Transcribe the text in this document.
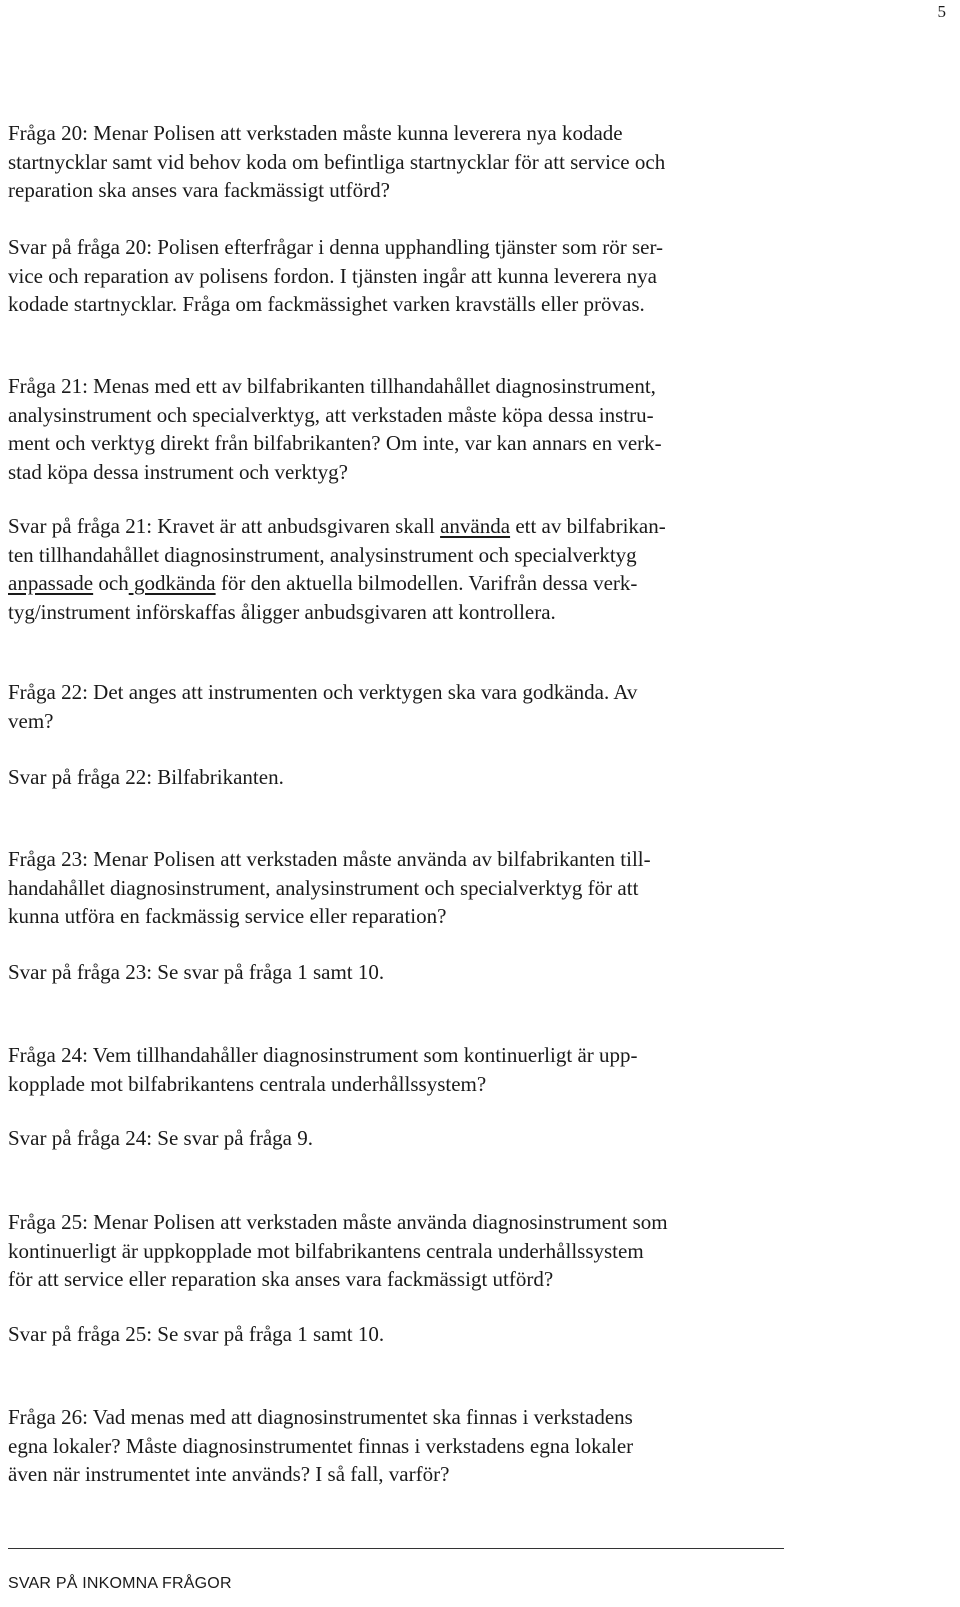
5

Fråga 20: Menar Polisen att verkstaden måste kunna leverera nya kodade
startnycklar samt vid behov koda om befintliga startnycklar för att service och
reparation ska anses vara fackmässigt utförd?

Svar på fråga 20: Polisen efterfrågar i denna upphandling tjänster som rör ser-
vice och reparation av polisens fordon. I tjänsten ingår att kunna leverera nya
kodade startnycklar. Fråga om fackmässighet varken kravställs eller prövas.

Fråga 21: Menas med ett av bilfabrikanten tillhandahållet diagnosinstrument,
analysinstrument och specialverktyg, att verkstaden måste köpa dessa instru-
ment och verktyg direkt från bilfabrikanten? Om inte, var kan annars en verk-
stad köpa dessa instrument och verktyg?

Svar på fråga 21: Kravet är att anbudsgivaren skall använda ett av bilfabrikan-
ten tillhandahållet diagnosinstrument, analysinstrument och specialverktyg
anpassade och godkända för den aktuella bilmodellen. Varifrån dessa verk-
tyg/instrument införskaffas åligger anbudsgivaren att kontrollera.

Fråga 22: Det anges att instrumenten och verktygen ska vara godkända. Av
vem?

Svar på fråga 22: Bilfabrikanten.

Fråga 23: Menar Polisen att verkstaden måste använda av bilfabrikanten till-
handahållet diagnosinstrument, analysinstrument och specialverktyg för att
kunna utföra en fackmässig service eller reparation?

Svar på fråga 23: Se svar på fråga 1 samt 10.

Fråga 24: Vem tillhandahåller diagnosinstrument som kontinuerligt är upp-
kopplade mot bilfabrikantens centrala underhållssystem?

Svar på fråga 24: Se svar på fråga 9.

Fråga 25: Menar Polisen att verkstaden måste använda diagnosinstrument som
kontinuerligt är uppkopplade mot bilfabrikantens centrala underhållssystem
för att service eller reparation ska anses vara fackmässigt utförd?

Svar på fråga 25: Se svar på fråga 1 samt 10.

Fråga 26: Vad menas med att diagnosinstrumentet ska finnas i verkstadens
egna lokaler? Måste diagnosinstrumentet finnas i verkstadens egna lokaler
även när instrumentet inte används? I så fall, varför?

SVAR PÅ INKOMNA FRÅGOR
